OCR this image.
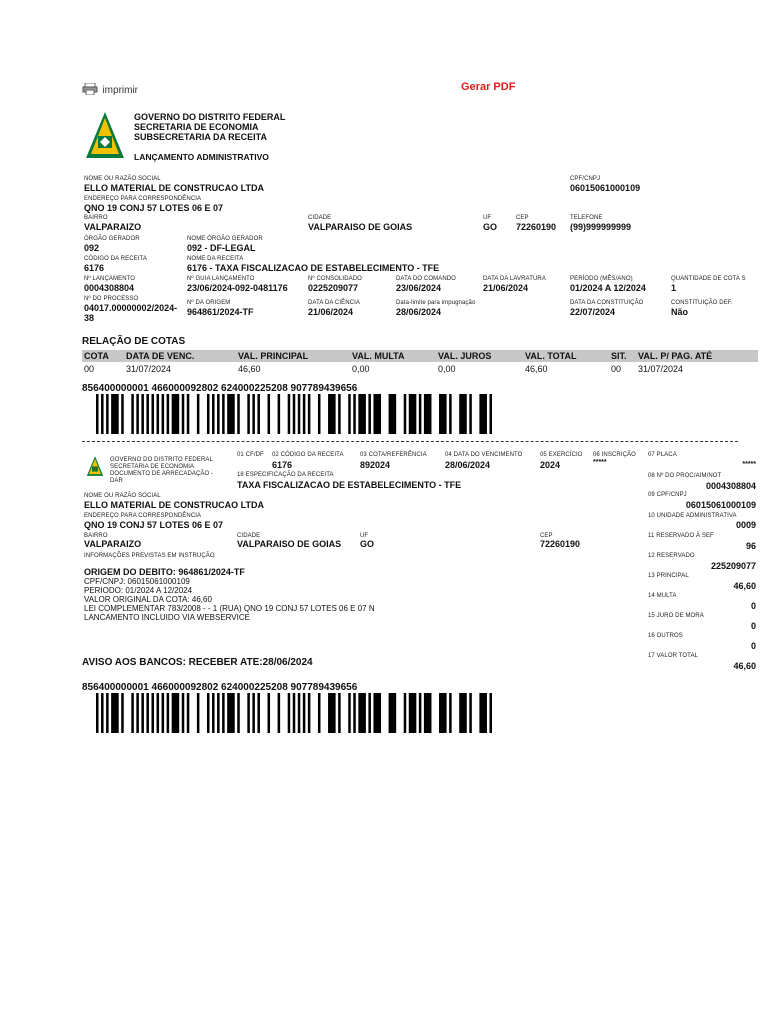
imprimir	Gerar PDF
GOVERNO DO DISTRITO FEDERAL
SECRETARIA DE ECONOMIA
SUBSECRETARIA DA RECEITA
LANÇAMENTO ADMINISTRATIVO
NOME OU RAZÃO SOCIAL
ELLO MATERIAL DE CONSTRUCAO LTDA
CPF/CNPJ
06015061000109
ENDEREÇO PARA CORRESPONDÊNCIA
QNO 19 CONJ 57 LOTES 06 E 07
BAIRRO
VALPARAIZO
CIDADE
VALPARAISO DE GOIAS
UF
GO
CEP
72260190
TELEFONE
(99)999999999
ÓRGÃO GERADOR
092
NOME ÓRGÃO GERADOR
092 - DF-LEGAL
CÓDIGO DA RECEITA
6176
NOME DA RECEITA
6176 - TAXA FISCALIZACAO DE ESTABELECIMENTO - TFE
Nº LANÇAMENTO
0004308804
Nº GUIA LANÇAMENTO
23/06/2024-092-0481176
Nº CONSOLIDADO
0225209077
DATA DO COMANDO
23/06/2024
DATA DA LAVRATURA
21/06/2024
PERÍODO (MÊS/ANO)
01/2024 A 12/2024
QUANTIDADE DE COTA S
1
Nº DO PROCESSO
04017.00000002/2024-
38
Nº DA ORIGEM
964861/2024-TF
DATA DA CIÊNCIA
21/06/2024
Data-limite para impugnação
28/06/2024
DATA DA CONSTITUIÇÃO
22/07/2024
CONSTITUIÇÃO DEF.
Não
RELAÇÃO DE COTAS
COTA DATA DE VENC.	VAL. PRINCIPAL	VAL. MULTA	VAL. JUROS	VAL. TOTAL	SIT. VAL. P/ PAG. ATÉ
00	31/07/2024	46,60	0,00	0,00	46,60	00 31/07/2024
856400000001 466000092802 624000225208 907789439656
GOVERNO DO DISTRITO FEDERAL
SECRETARIA DE ECONOMIA
DOCUMENTO DE ARRECADAÇÃO -
DAR
01 CF/DF 02 CÓDIGO DA RECEITA
6176
03 COTA/REFERÊNCIA
892024
04 DATA DO VENCIMENTO
28/06/2024
05 EXERCÍCIO
2024
06 INSCRIÇÃO
*****
07 PLACA
*****
18 ESPECIFICAÇÃO DA RECEITA
TAXA FISCALIZACAO DE ESTABELECIMENTO - TFE
08 Nº DO PROC/AIM/NOT
0004308804
NOME OU RAZÃO SOCIAL
ELLO MATERIAL DE CONSTRUCAO LTDA
09 CPF/CNPJ
06015061000109
ENDEREÇO PARA CORRESPONDÊNCIA
QNO 19 CONJ 57 LOTES 06 E 07
10 UNIDADE ADMINISTRATIVA
0009
BAIRRO
VALPARAIZO
CIDADE
VALPARAISO DE GOIAS
UF
GO
CEP
72260190
11 RESERVADO À SEF
96
INFORMAÇÕES PREVISTAS EM INSTRUÇÃO	12 RESERVADO
225209077
ORIGEM DO DEBITO: 964861/2024-TF
CPF/CNPJ: 06015061000109
PERIODO: 01/2024 A 12/2024
VALOR ORIGINAL DA COTA: 46,60
LEI COMPLEMENTAR 783/2008 - - 1 (RUA) QNO 19 CONJ 57 LOTES 06 E 07 N
LANCAMENTO INCLUIDO VIA WEBSERVICE
13 PRINCIPAL
46,60
14 MULTA
0
15 JURO DE MORA
0
16 OUTROS
0
17 VALOR TOTAL
46,60
AVISO AOS BANCOS: RECEBER ATE:28/06/2024
856400000001 466000092802 624000225208 907789439656
